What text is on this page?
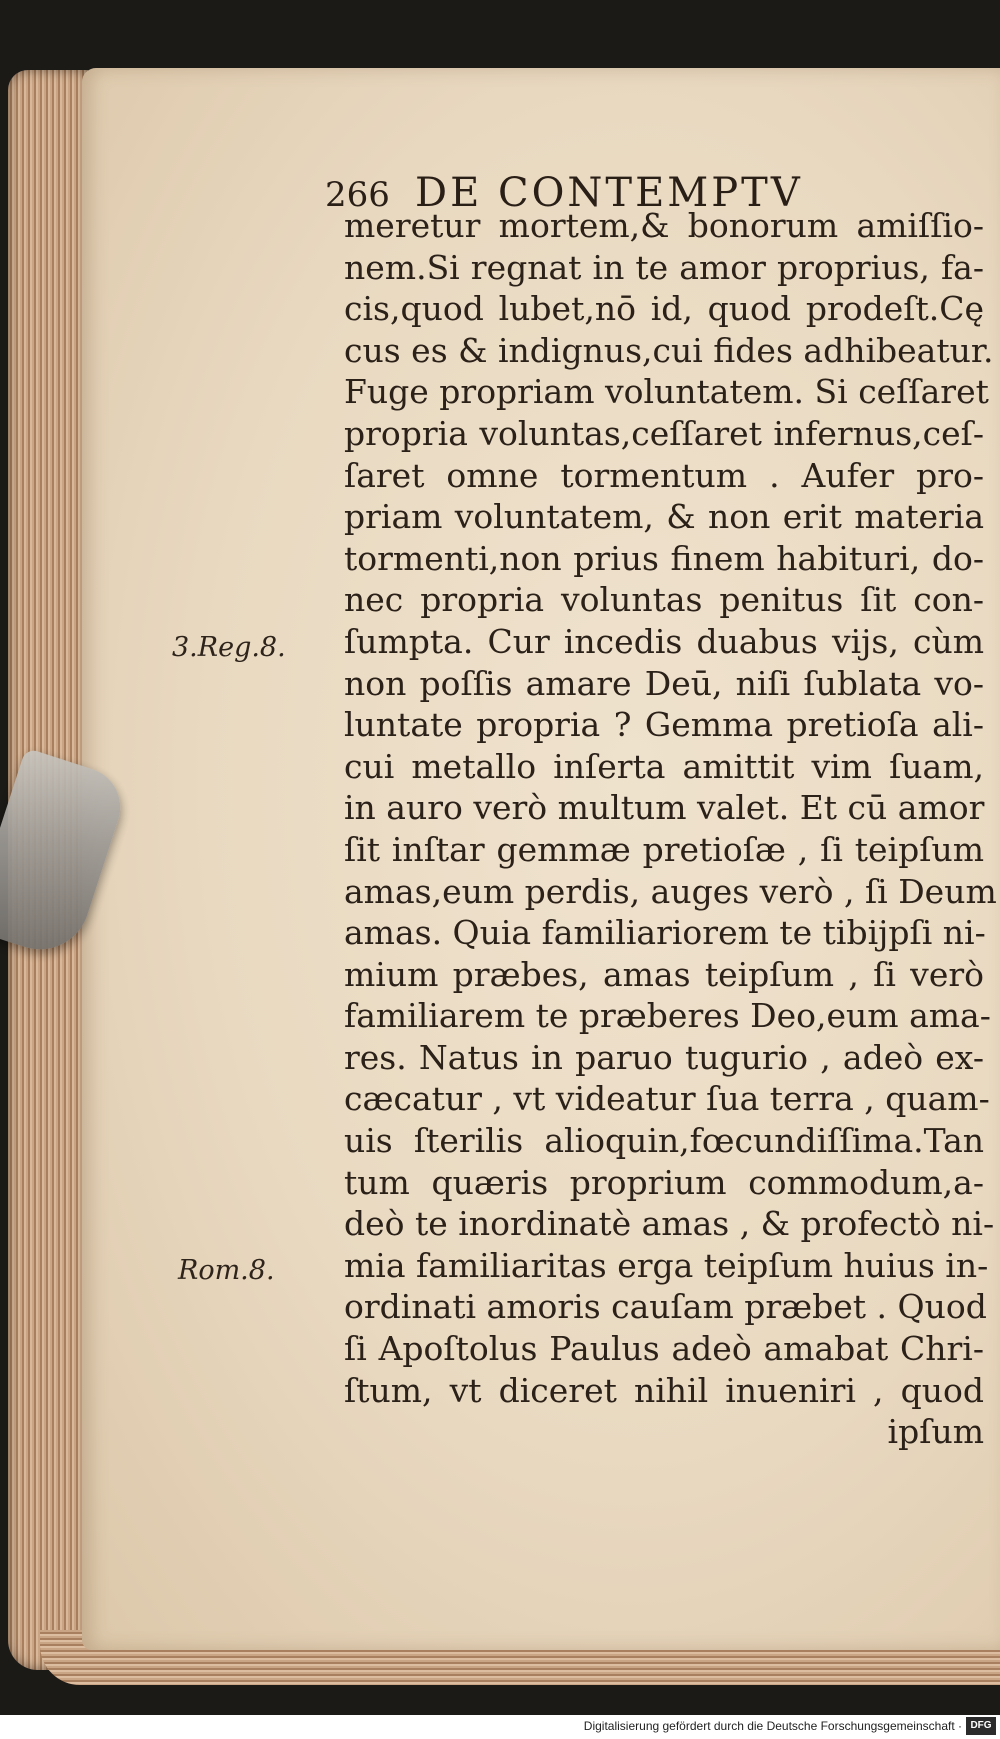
266 DE CONTEMPTV
meretur mortem,& bonorum amiſſio-
nem.Si regnat in te amor proprius, fa-
cis,quod lubet,nō id, quod prodeſt.Cę
cus es & indignus,cui fides adhibeatur.
Fuge propriam voluntatem. Si ceſſaret
propria voluntas,ceſſaret infernus,ceſ-
ſaret omne tormentum . Aufer pro-
priam voluntatem, & non erit materia
tormenti,non prius finem habituri, do-
nec propria voluntas penitus ſit con-
ſumpta. Cur incedis duabus vijs, cùm
non poſſis amare Deū, niſi ſublata vo-
luntate propria ? Gemma pretioſa ali-
cui metallo inſerta amittit vim ſuam,
in auro verò multum valet. Et cū amor
ſit inſtar gemmæ pretioſæ , ſi teipſum
amas,eum perdis, auges verò , ſi Deum
amas. Quia familiariorem te tibijpſi ni-
mium præbes, amas teipſum , ſi verò
familiarem te præberes Deo,eum ama-
res. Natus in paruo tugurio , adeò ex-
cæcatur , vt videatur ſua terra , quam-
uis ſterilis alioquin,fœcundiſſima.Tan
tum quæris proprium commodum,a-
deò te inordinatè amas , & profectò ni-
mia familiaritas erga teipſum huius in-
ordinati amoris cauſam præbet . Quod
ſi Apoſtolus Paulus adeò amabat Chri-
ſtum, vt diceret nihil inueniri , quod
ipſum
3.Reg.8.
Rom.8.
Digitalisierung gefördert durch die Deutsche Forschungsgemeinschaft · DFG
